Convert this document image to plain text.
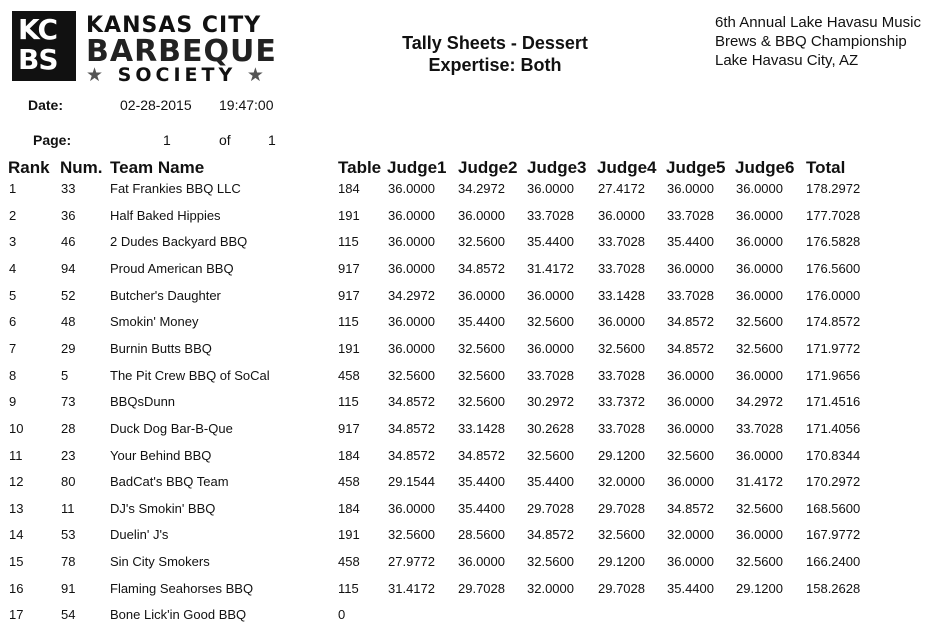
KC
BS
KANSAS CITY
BARBEQUE
★ SOCIETY ★
Tally Sheets - Dessert
Expertise: Both
6th Annual Lake Havasu Music
Brews & BBQ Championship
Lake Havasu City, AZ
Date:	02-28-2015 19:47:00
Page:	1	of	1
Rank Num. Team Name	Table Judge1 Judge2 Judge3 Judge4 Judge5 Judge6 Total
1	33	Fat Frankies BBQ LLC	184 36.0000 34.2972 36.0000 27.4172 36.0000 36.0000 178.2972
2	36	Half Baked Hippies	191 36.0000 36.0000 33.7028 36.0000 33.7028 36.0000 177.7028
3	46	2 Dudes Backyard BBQ	115 36.0000 32.5600 35.4400 33.7028 35.4400 36.0000 176.5828
4	94	Proud American BBQ	917 36.0000 34.8572 31.4172 33.7028 36.0000 36.0000 176.5600
5	52	Butcher's Daughter	917 34.2972 36.0000 36.0000 33.1428 33.7028 36.0000 176.0000
6	48	Smokin' Money	115 36.0000 35.4400 32.5600 36.0000 34.8572 32.5600 174.8572
7	29	Burnin Butts BBQ	191 36.0000 32.5600 36.0000 32.5600 34.8572 32.5600 171.9772
8	5	The Pit Crew BBQ of SoCal	458 32.5600 32.5600 33.7028 33.7028 36.0000 36.0000 171.9656
9	73	BBQsDunn	115 34.8572 32.5600 30.2972 33.7372 36.0000 34.2972 171.4516
10	28	Duck Dog Bar-B-Que	917 34.8572 33.1428 30.2628 33.7028 36.0000 33.7028 171.4056
11	23	Your Behind BBQ	184 34.8572 34.8572 32.5600 29.1200 32.5600 36.0000 170.8344
12	80	BadCat's BBQ Team	458 29.1544 35.4400 35.4400 32.0000 36.0000 31.4172 170.2972
13	11	DJ's Smokin' BBQ	184 36.0000 35.4400 29.7028 29.7028 34.8572 32.5600 168.5600
14	53	Duelin' J's	191 32.5600 28.5600 34.8572 32.5600 32.0000 36.0000 167.9772
15	78	Sin City Smokers	458 27.9772 36.0000 32.5600 29.1200 36.0000 32.5600 166.2400
16	91	Flaming Seahorses BBQ	115 31.4172 29.7028 32.0000 29.7028 35.4400 29.1200 158.2628
17	54	Bone Lick'in Good BBQ	0
